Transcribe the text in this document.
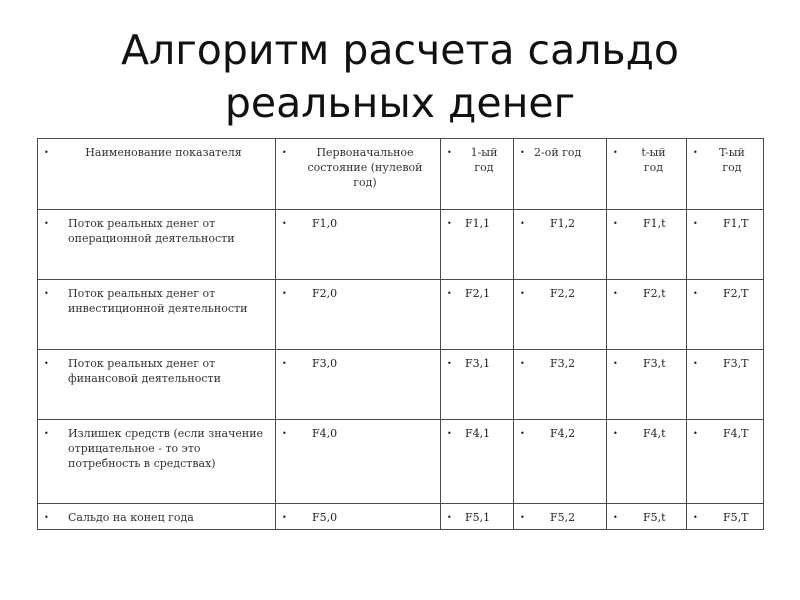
Алгоритм расчета сальдо
реальных денег
• Наименование показателя	• Первоначальное состояние (нулевой год)	• 1-ый год	• 2-ой год	• t-ый год	• T-ый год

• Поток реальных денег от операционной деятельности	• F1,0	• F1,1	• F1,2	• F1,t	• F1,T

• Поток реальных денег от инвестиционной деятельности	• F2,0	• F2,1	• F2,2	• F2,t	• F2,T

• Поток реальных денег от финансовой деятельности	• F3,0	• F3,1	• F3,2	• F3,t	• F3,T

• Излишек средств (если значение отрицательное - то это потребность в средствах)	• F4,0	• F4,1	• F4,2	• F4,t	• F4,T

• Сальдо на конец года	• F5,0	• F5,1	• F5,2	• F5,t	• F5,T
